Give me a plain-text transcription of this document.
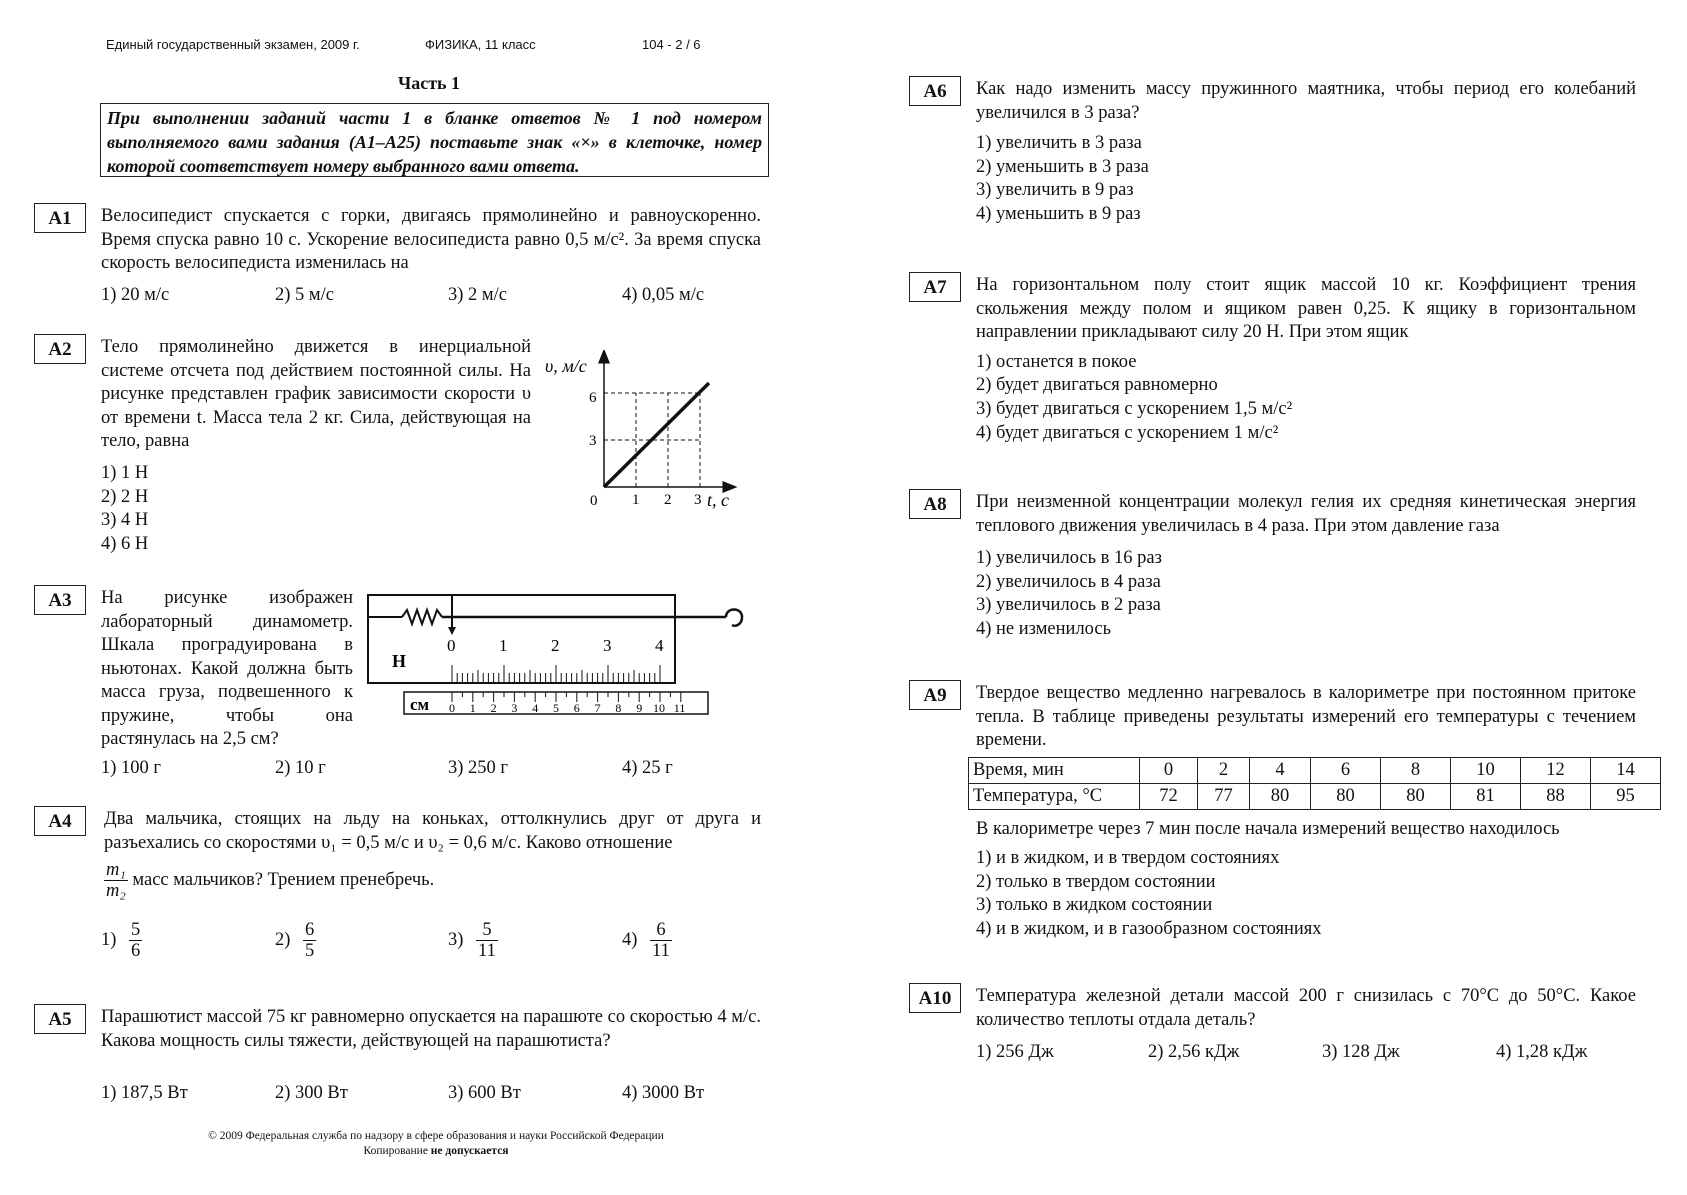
Единый государственный экзамен, 2009 г.	ФИЗИКА, 11 класс	104 - 2 / 6
Часть 1
При выполнении заданий части 1 в бланке ответов № 1 под номером выполняемого вами задания (А1–А25) поставьте знак «×» в клеточке, номер которой соответствует номеру выбранного вами ответа.
А1	Велосипедист спускается с горки, двигаясь прямолинейно и равноускоренно. Время спуска равно 10 с. Ускорение велосипедиста равно 0,5 м/с². За время спуска скорость велосипедиста изменилась на
1) 20 м/с	2) 5 м/с	3) 2 м/с	4) 0,05 м/с
А2	Тело прямолинейно движется в инерциальной системе отсчета под действием постоянной силы. На рисунке представлен график зависимости скорости υ от времени t. Масса тела 2 кг. Сила, действующая на тело, равна
1) 1 Н
2) 2 Н
3) 4 Н
4) 6 Н
υ, м/с
6
3
0 1 2 3 t, с
А3	На рисунке изображен лабораторный динамометр. Шкала проградуирована в ньютонах. Какой должна быть масса груза, подвешенного к пружине, чтобы она растянулась на 2,5 см?
1) 100 г	2) 10 г	3) 250 г	4) 25 г
Н
0	1	2	3	4
см 0 1 2 3 4 5 6 7 8 9 10 11
А4	Два мальчика, стоящих на льду на коньках, оттолкнулись друг от друга и разъехались со скоростями υ₁ = 0,5 м/с и υ₂ = 0,6 м/с. Каково отношение
$\frac{\text{m₁}}{\text{m₂}}$ масс мальчиков? Трением пренебречь.
$1) \frac{5}{6}$	$2) \frac{6}{5}$	$3) \frac{5}{11}$	$4) \frac{6}{11}$
А5	Парашютист массой 75 кг равномерно опускается на парашюте со скоростью 4 м/с. Какова мощность силы тяжести, действующей на парашютиста?
1) 187,5 Вт	2) 300 Вт	3) 600 Вт	4) 3000 Вт
© 2009 Федеральная служба по надзору в сфере образования и науки Российской Федерации
Копирование не допускается
А6	Как надо изменить массу пружинного маятника, чтобы период его колебаний увеличился в 3 раза?
1) увеличить в 3 раза
2) уменьшить в 3 раза
3) увеличить в 9 раз
4) уменьшить в 9 раз
А7	На горизонтальном полу стоит ящик массой 10 кг. Коэффициент трения скольжения между полом и ящиком равен 0,25. К ящику в горизонтальном направлении прикладывают силу 20 Н. При этом ящик
1) останется в покое
2) будет двигаться равномерно
3) будет двигаться с ускорением 1,5 м/с²
4) будет двигаться с ускорением 1 м/с²
А8	При неизменной концентрации молекул гелия их средняя кинетическая энергия теплового движения увеличилась в 4 раза. При этом давление газа
1) увеличилось в 16 раз
2) увеличилось в 4 раза
3) увеличилось в 2 раза
4) не изменилось
А9	Твердое вещество медленно нагревалось в калориметре при постоянном притоке тепла. В таблице приведены результаты измерений его температуры с течением времени.
Время, мин	0	2	4	6	8	10	12	14
Температура, °C	72	77	80	80	80	81	88	95
В калориметре через 7 мин после начала измерений вещество находилось
1) и в жидком, и в твердом состояниях
2) только в твердом состоянии
3) только в жидком состоянии
4) и в жидком, и в газообразном состояниях
А10	Температура железной детали массой 200 г снизилась с 70°C до 50°C. Какое количество теплоты отдала деталь?
1) 256 Дж	2) 2,56 кДж	3) 128 Дж	4) 1,28 кДж
